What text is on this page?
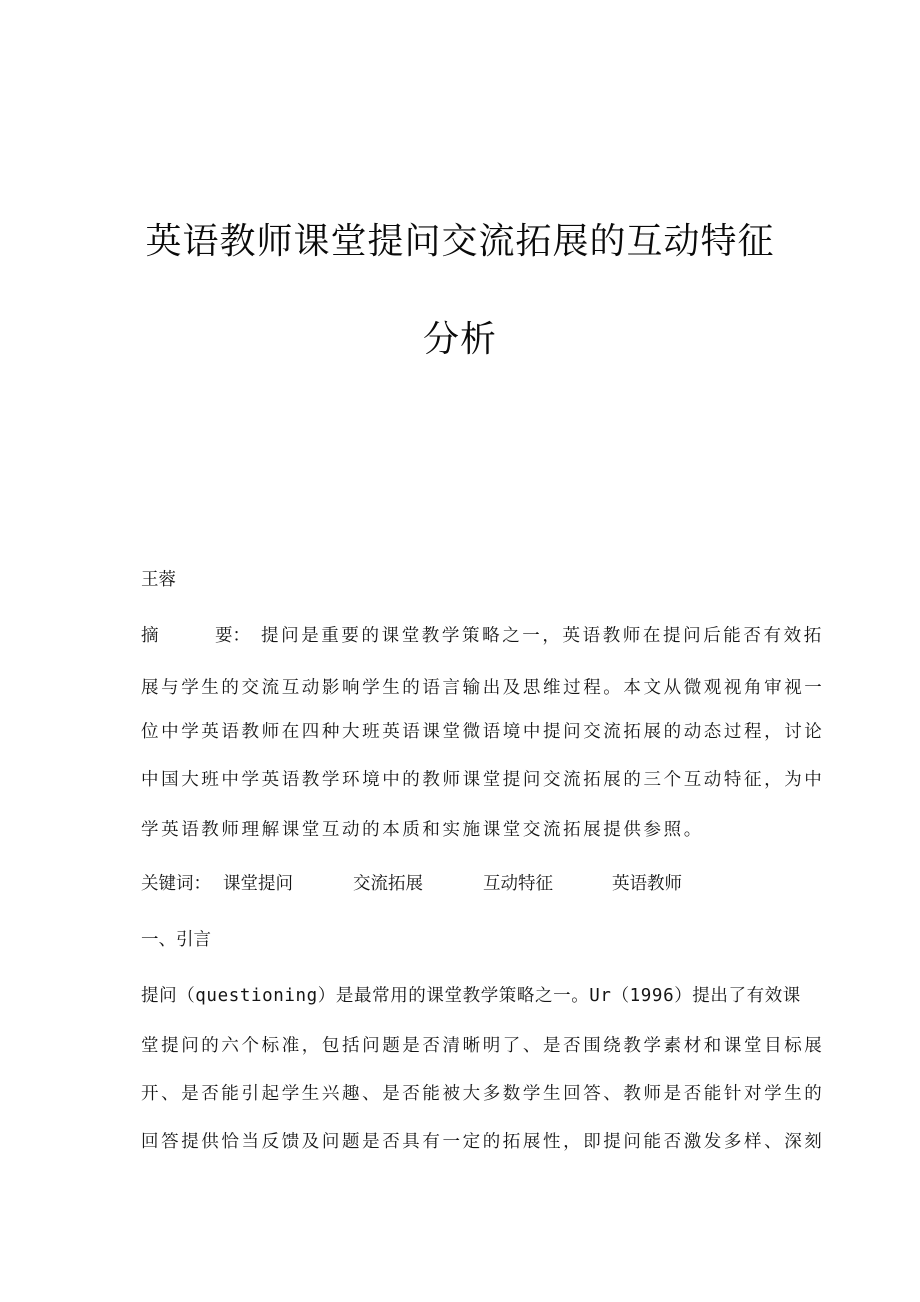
英语教师课堂提问交流拓展的互动特征
分析
王蓉
摘	要： 提问是重要的课堂教学策略之一，英语教师在提问后能否有效拓
展与学生的交流互动影响学生的语言输出及思维过程。本文从微观视角审视一
位中学英语教师在四种大班英语课堂微语境中提问交流拓展的动态过程，讨论
中国大班中学英语教学环境中的教师课堂提问交流拓展的三个互动特征，为中
学英语教师理解课堂互动的本质和实施课堂交流拓展提供参照。
关键词： 课堂提问	交流拓展	互动特征	英语教师
一、引言
提问（questioning）是最常用的课堂教学策略之一。Ur（1996）提出了有效课
堂提问的六个标准，包括问题是否清晰明了、是否围绕教学素材和课堂目标展
开、是否能引起学生兴趣、是否能被大多数学生回答、教师是否能针对学生的
回答提供恰当反馈及问题是否具有一定的拓展性，即提问能否激发多样、深刻
